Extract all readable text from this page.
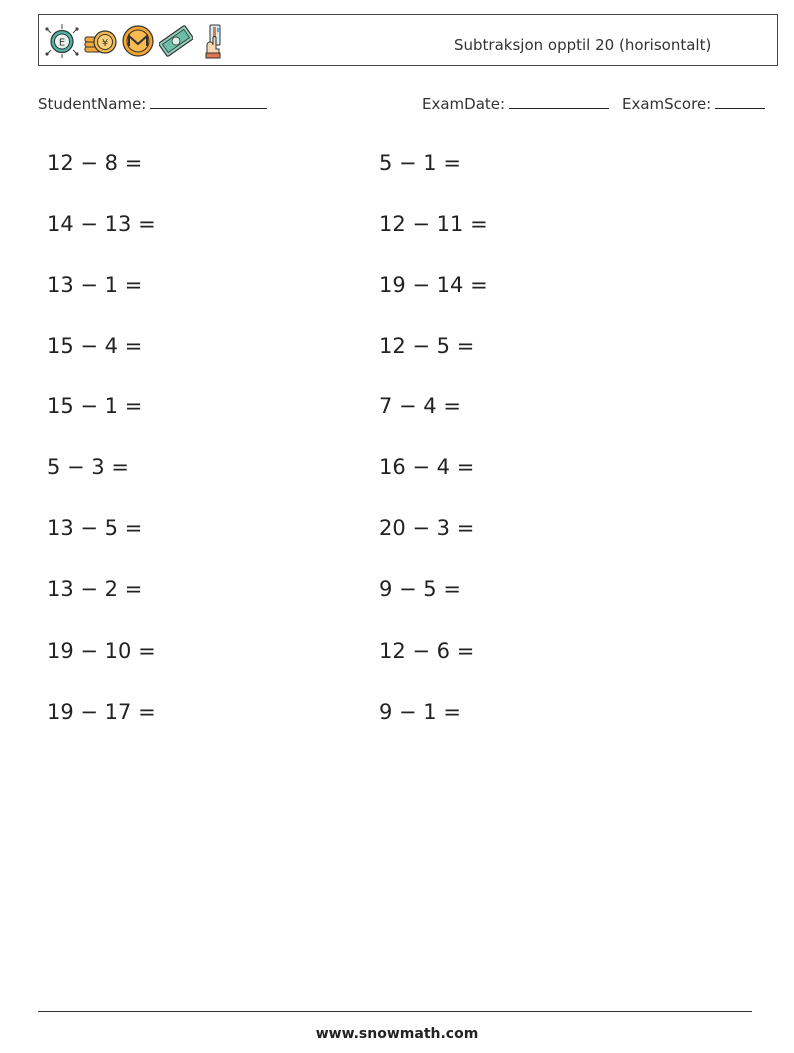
E	¥	Subtraksjon opptil 20 (horisontalt)
StudentName:	ExamDate:	ExamScore:
12 − 8 =
14 − 13 =
13 − 1 =
15 − 4 =
15 − 1 =
5 − 3 =
13 − 5 =
13 − 2 =
19 − 10 =
19 − 17 =
5 − 1 =
12 − 11 =
19 − 14 =
12 − 5 =
7 − 4 =
16 − 4 =
20 − 3 =
9 − 5 =
12 − 6 =
9 − 1 =
www.snowmath.com
